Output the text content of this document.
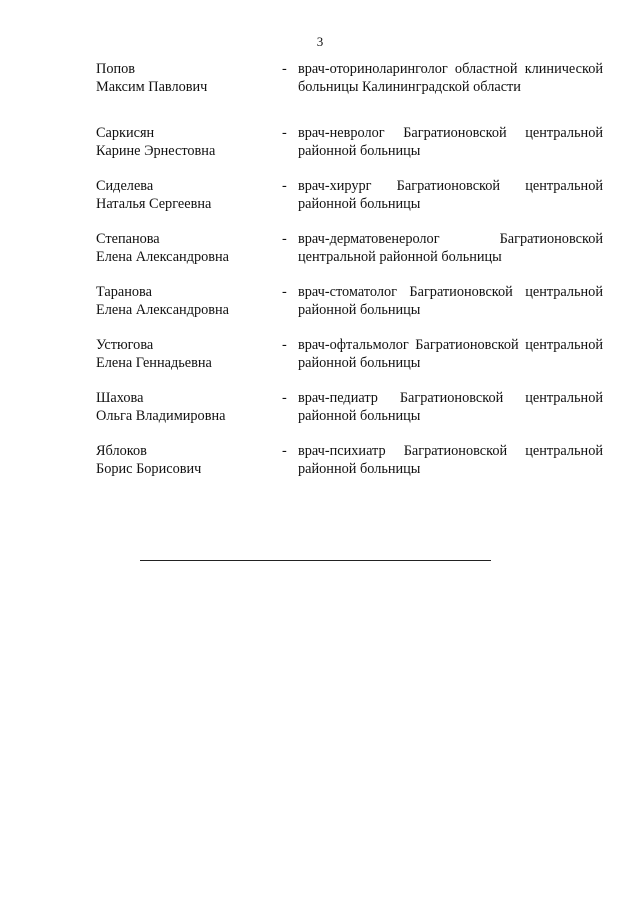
3
Попов
Максим Павлович
- врач-оториноларинголог областной клинической больницы Калининградской области
Саркисян
Карине Эрнестовна
- врач-невролог Багратионовской центральной районной больницы
Сиделева
Наталья Сергеевна
- врач-хирург Багратионовской центральной районной больницы
Степанова
Елена Александровна
- врач-дерматовенеролог Багратионовской центральной районной больницы
Таранова
Елена Александровна
- врач-стоматолог Багратионовской центральной районной больницы
Устюгова
Елена Геннадьевна
- врач-офтальмолог Багратионовской центральной районной больницы
Шахова
Ольга Владимировна
- врач-педиатр Багратионовской центральной районной больницы
Яблоков
Борис Борисович
- врач-психиатр Багратионовской центральной районной больницы
